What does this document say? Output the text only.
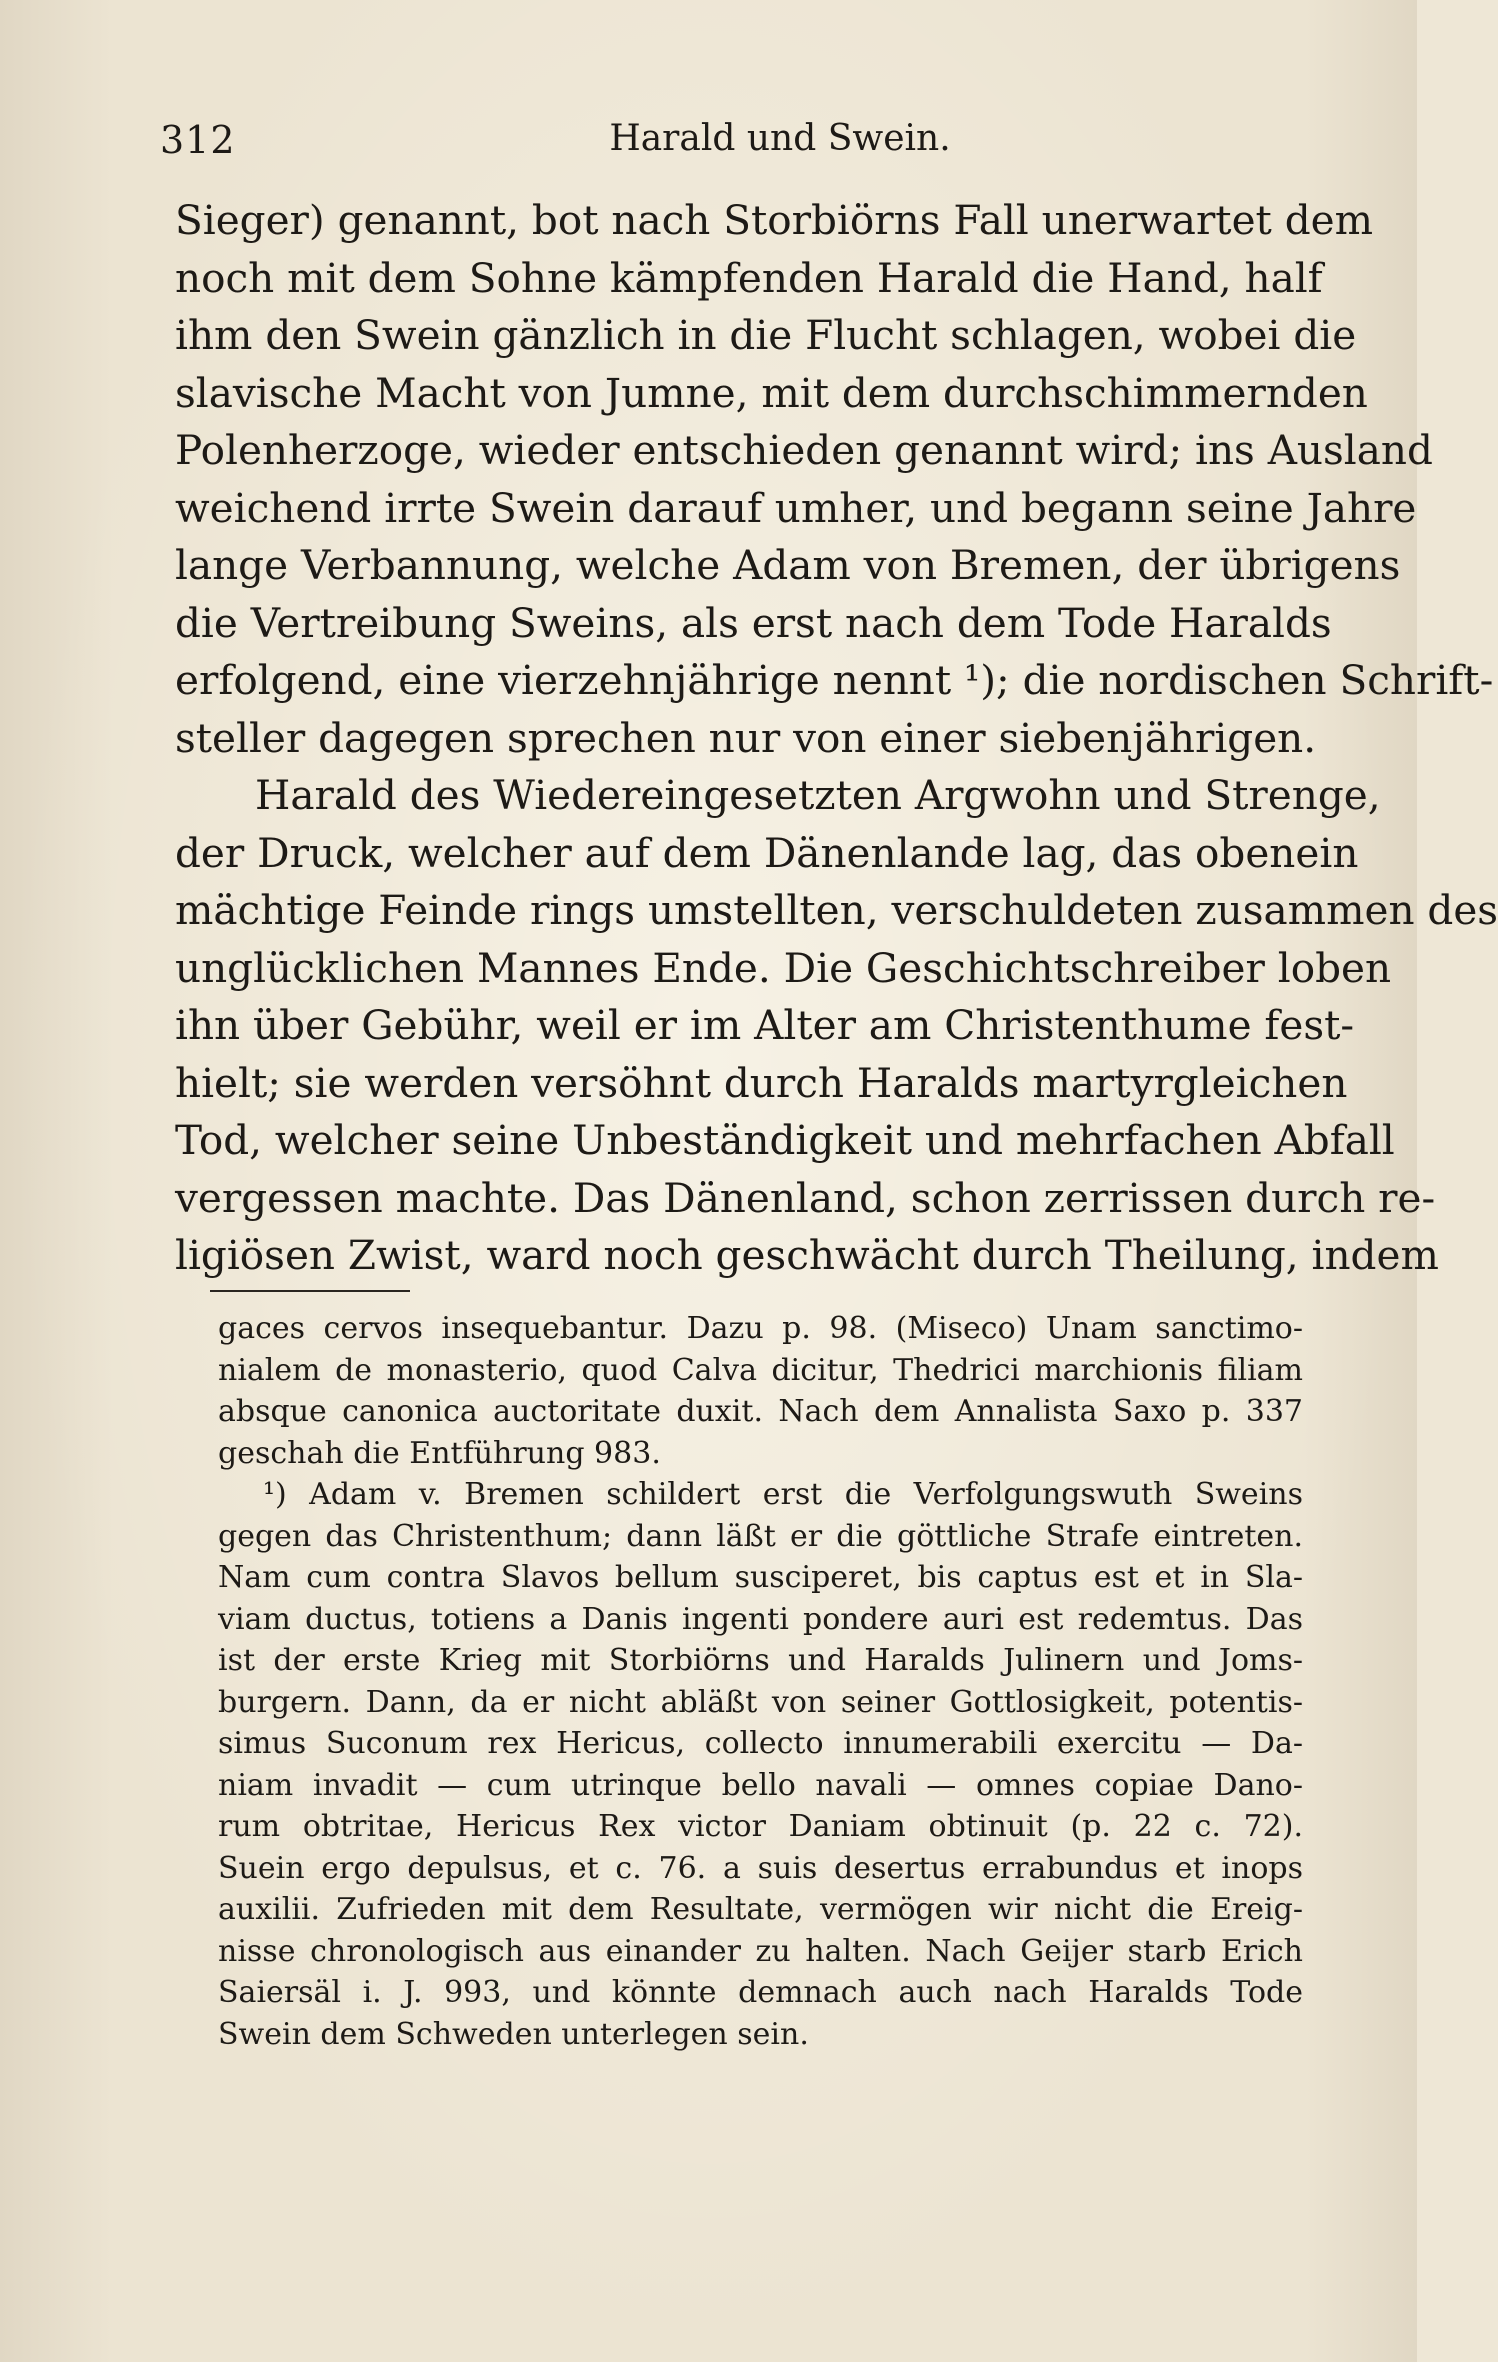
312	Harald und Swein.
Sieger) genannt, bot nach Storbiörns Fall unerwartet dem
noch mit dem Sohne kämpfenden Harald die Hand, half
ihm den Swein gänzlich in die Flucht schlagen, wobei die
slavische Macht von Jumne, mit dem durchschimmernden
Polenherzoge, wieder entschieden genannt wird; ins Ausland
weichend irrte Swein darauf umher, und begann seine Jahre
lange Verbannung, welche Adam von Bremen, der übrigens
die Vertreibung Sweins, als erst nach dem Tode Haralds
erfolgend, eine vierzehnjährige nennt ¹); die nordischen Schrift-
steller dagegen sprechen nur von einer siebenjährigen.
Harald des Wiedereingesetzten Argwohn und Strenge,
der Druck, welcher auf dem Dänenlande lag, das obenein
mächtige Feinde rings umstellten, verschuldeten zusammen des
unglücklichen Mannes Ende. Die Geschichtschreiber loben
ihn über Gebühr, weil er im Alter am Christenthume fest-
hielt; sie werden versöhnt durch Haralds martyrgleichen
Tod, welcher seine Unbeständigkeit und mehrfachen Abfall
vergessen machte. Das Dänenland, schon zerrissen durch re-
ligiösen Zwist, ward noch geschwächt durch Theilung, indem
gaces cervos insequebantur. Dazu p. 98. (Miseco) Unam sanctimo-
nialem de monasterio, quod Calva dicitur, Thedrici marchionis filiam
absque canonica auctoritate duxit. Nach dem Annalista Saxo p. 337
geschah die Entführung 983.
¹) Adam v. Bremen schildert erst die Verfolgungswuth Sweins
gegen das Christenthum; dann läßt er die göttliche Strafe eintreten.
Nam cum contra Slavos bellum susciperet, bis captus est et in Sla-
viam ductus, totiens a Danis ingenti pondere auri est redemtus. Das
ist der erste Krieg mit Storbiörns und Haralds Julinern und Joms-
burgern. Dann, da er nicht abläßt von seiner Gottlosigkeit, potentis-
simus Suconum rex Hericus, collecto innumerabili exercitu — Da-
niam invadit — cum utrinque bello navali — omnes copiae Dano-
rum obtritae, Hericus Rex victor Daniam obtinuit (p. 22 c. 72).
Suein ergo depulsus, et c. 76. a suis desertus errabundus et inops
auxilii. Zufrieden mit dem Resultate, vermögen wir nicht die Ereig-
nisse chronologisch aus einander zu halten. Nach Geijer starb Erich
Saiersäl i. J. 993, und könnte demnach auch nach Haralds Tode
Swein dem Schweden unterlegen sein.
